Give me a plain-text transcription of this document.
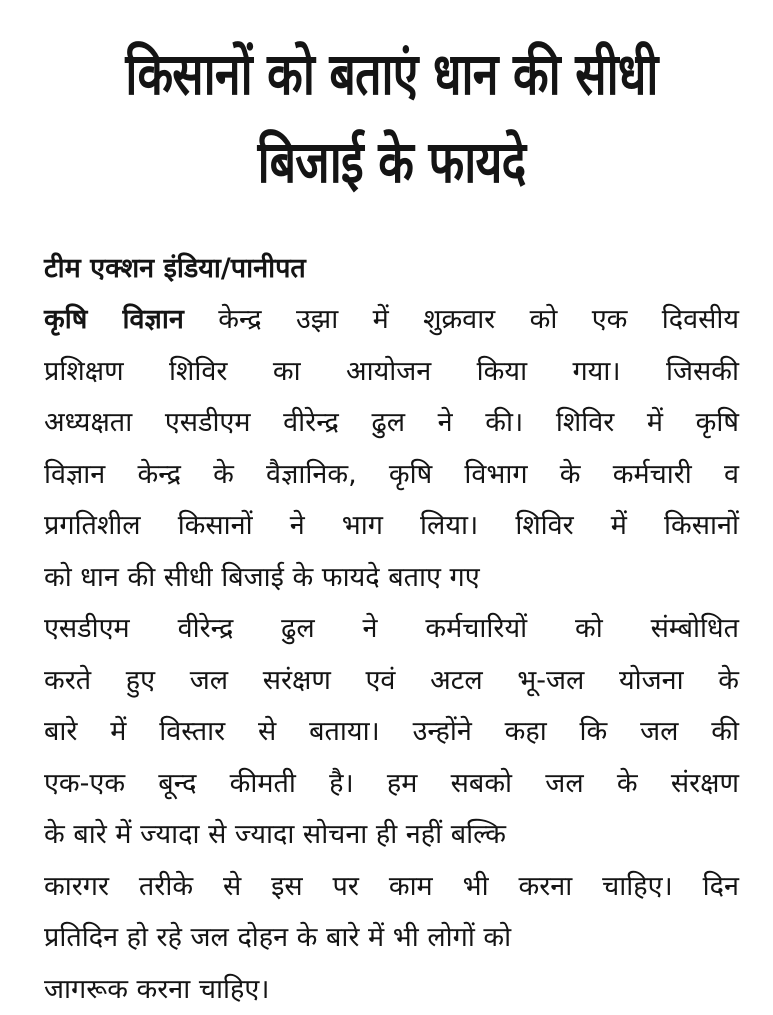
किसानों को बताएं धान की सीधी
बिजाई के फायदे
टीम एक्शन इंडिया/पानीपत
कृषि विज्ञान केन्द्र उझा में शुक्रवार को एक दिवसीय
प्रशिक्षण शिविर का आयोजन किया गया। जिसकी
अध्यक्षता एसडीएम वीरेन्द्र ढुल ने की। शिविर में कृषि
विज्ञान केन्द्र के वैज्ञानिक, कृषि विभाग के कर्मचारी व
प्रगतिशील किसानों ने भाग लिया। शिविर में किसानों
को धान की सीधी बिजाई के फायदे बताए गए
एसडीएम वीरेन्द्र ढुल ने कर्मचारियों को संम्बोधित
करते हुए जल सरंक्षण एवं अटल भू-जल योजना के
बारे में विस्तार से बताया। उन्होंने कहा कि जल की
एक-एक बून्द कीमती है। हम सबको जल के संरक्षण
के बारे में ज्यादा से ज्यादा सोचना ही नहीं बल्कि
कारगर तरीके से इस पर काम भी करना चाहिए। दिन
प्रतिदिन हो रहे जल दोहन के बारे में भी लोगों को
जागरूक करना चाहिए।
